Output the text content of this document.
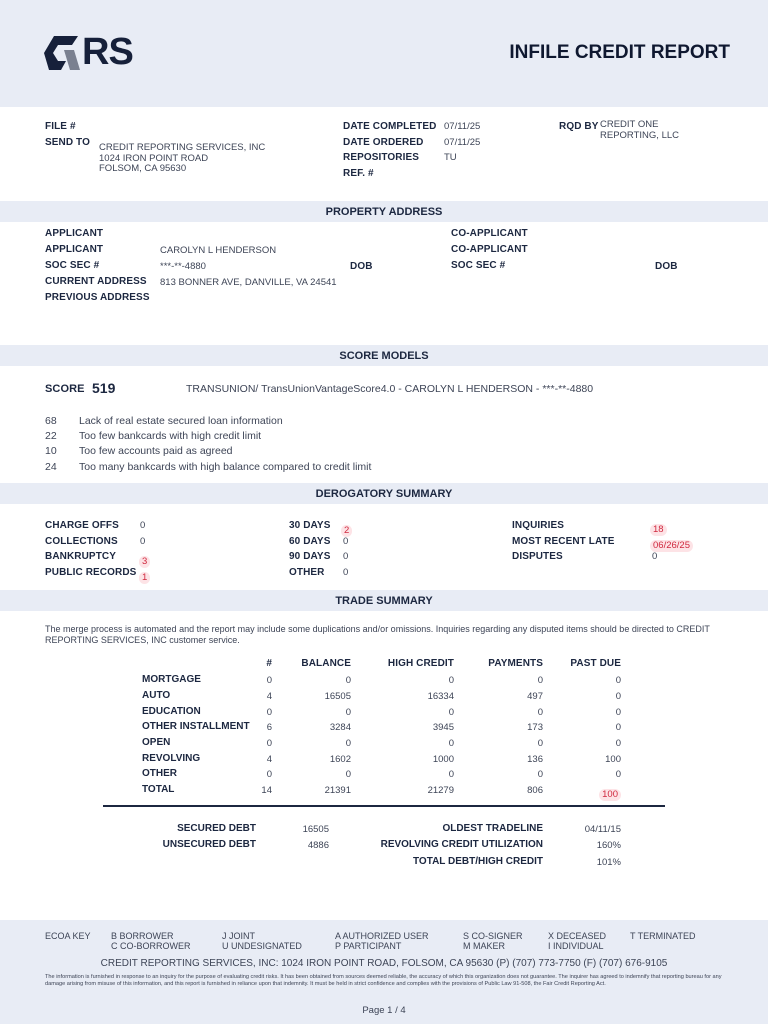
RS	INFILE CREDIT REPORT
FILE #
SEND TO CREDIT REPORTING SERVICES, INC
1024 IRON POINT ROAD
FOLSOM, CA 95630
DATE COMPLETED 07/11/25
DATE ORDERED 07/11/25
REPOSITORIES	TU
REF. #
RQD BY CREDIT ONE
REPORTING, LLC
PROPERTY ADDRESS
APPLICANT
APPLICANT	CAROLYN L HENDERSON
SOC SEC #	***-**-4880	DOB
CURRENT ADDRESS 813 BONNER AVE, DANVILLE, VA 24541
PREVIOUS ADDRESS
CO-APPLICANT
CO-APPLICANT
SOC SEC #	DOB
SCORE MODELS
SCORE 519	TRANSUNION/ TransUnionVantageScore4.0 - CAROLYN L HENDERSON - ***-**-4880
68 Lack of real estate secured loan information
22 Too few bankcards with high credit limit
10 Too few accounts paid as agreed
24 Too many bankcards with high balance compared to credit limit
DEROGATORY SUMMARY
CHARGE OFFS 0
COLLECTIONS 0
BANKRUPTCY	3
PUBLIC RECORDS 1
30 DAYS	2
60 DAYS 0
90 DAYS 0
OTHER 0
INQUIRIES	18
MOST RECENT LATE	06/26/25
DISPUTES	0
TRADE SUMMARY
The merge process is automated and the report may include some duplications and/or omissions. Inquiries regarding any disputed items should be directed to CREDIT REPORTING SERVICES, INC customer service.
#	BALANCE	HIGH CREDIT	PAYMENTS	PAST DUE
MORTGAGE	0	0	0	0	0
AUTO	4	16505	16334	497	0
EDUCATION	0	0	0	0	0
OTHER INSTALLMENT	6	3284	3945	173	0
OPEN	0	0	0	0	0
REVOLVING	4	1602	1000	136	100
OTHER	0	0	0	0	0
TOTAL	14	21391	21279	806	100
SECURED DEBT	16505
UNSECURED DEBT	4886
OLDEST TRADELINE	04/11/15
REVOLVING CREDIT UTILIZATION	160%
TOTAL DEBT/HIGH CREDIT	101%
ECOA KEY B BORROWER
C CO-BORROWER
J JOINT
U UNDESIGNATED
A AUTHORIZED USER
P PARTICIPANT
S CO-SIGNER
M MAKER
X DECEASED
I INDIVIDUAL
T TERMINATED
CREDIT REPORTING SERVICES, INC: 1024 IRON POINT ROAD, FOLSOM, CA 95630 (P) (707) 773-7750 (F) (707) 676-9105
The information is furnished in response to an inquiry for the purpose of evaluating credit risks. It has been obtained from sources deemed reliable, the accuracy of which this organization does not guarantee. The inquirer has agreed to indemnify that reporting bureau for any damage arising from misuse of this information, and this report is furnished in reliance upon that indemnity. It must be held in strict confidence and complies with the provisions of Public Law 91-508, the Fair Credit Reporting Act.
Page 1 / 4
